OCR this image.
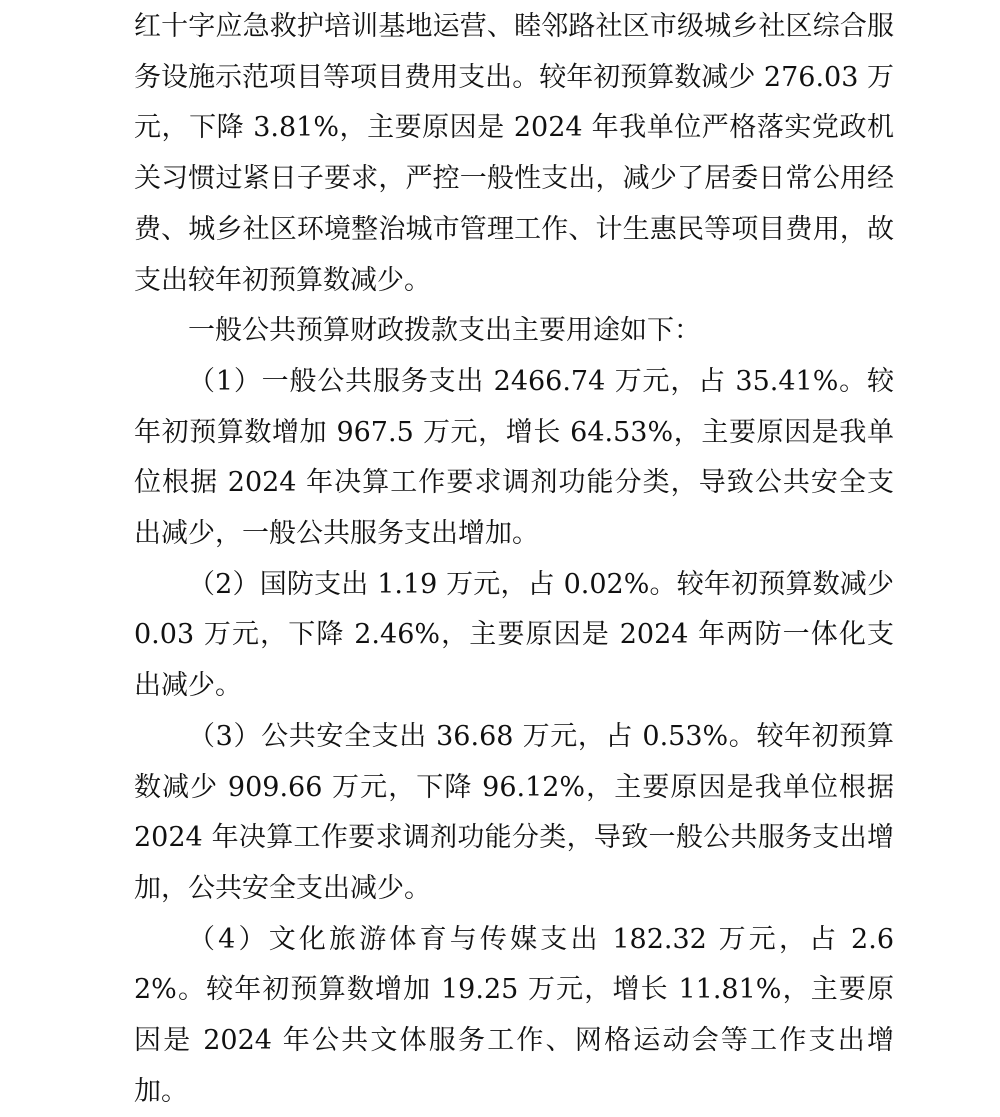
红十字应急救护培训基地运营、睦邻路社区市级城乡社区综合服务设施示范项目等项目费用支出。较年初预算数减少 276.03 万元，下降 3.81%，主要原因是 2024 年我单位严格落实党政机关习惯过紧日子要求，严控一般性支出，减少了居委日常公用经费、城乡社区环境整治城市管理工作、计生惠民等项目费用，故支出较年初预算数减少。

一般公共预算财政拨款支出主要用途如下：

（1）一般公共服务支出 2466.74 万元，占 35.41%。较年初预算数增加 967.5 万元，增长 64.53%，主要原因是我单位根据 2024 年决算工作要求调剂功能分类，导致公共安全支出减少，一般公共服务支出增加。

（2）国防支出 1.19 万元，占 0.02%。较年初预算数减少 0.03 万元，下降 2.46%，主要原因是 2024 年两防一体化支出减少。

（3）公共安全支出 36.68 万元，占 0.53%。较年初预算数减少 909.66 万元，下降 96.12%，主要原因是我单位根据 2024 年决算工作要求调剂功能分类，导致一般公共服务支出增加，公共安全支出减少。

（4）文化旅游体育与传媒支出 182.32 万元，占 2.62%。较年初预算数增加 19.25 万元，增长 11.81%，主要原因是 2024 年公共文体服务工作、网格运动会等工作支出增加。
